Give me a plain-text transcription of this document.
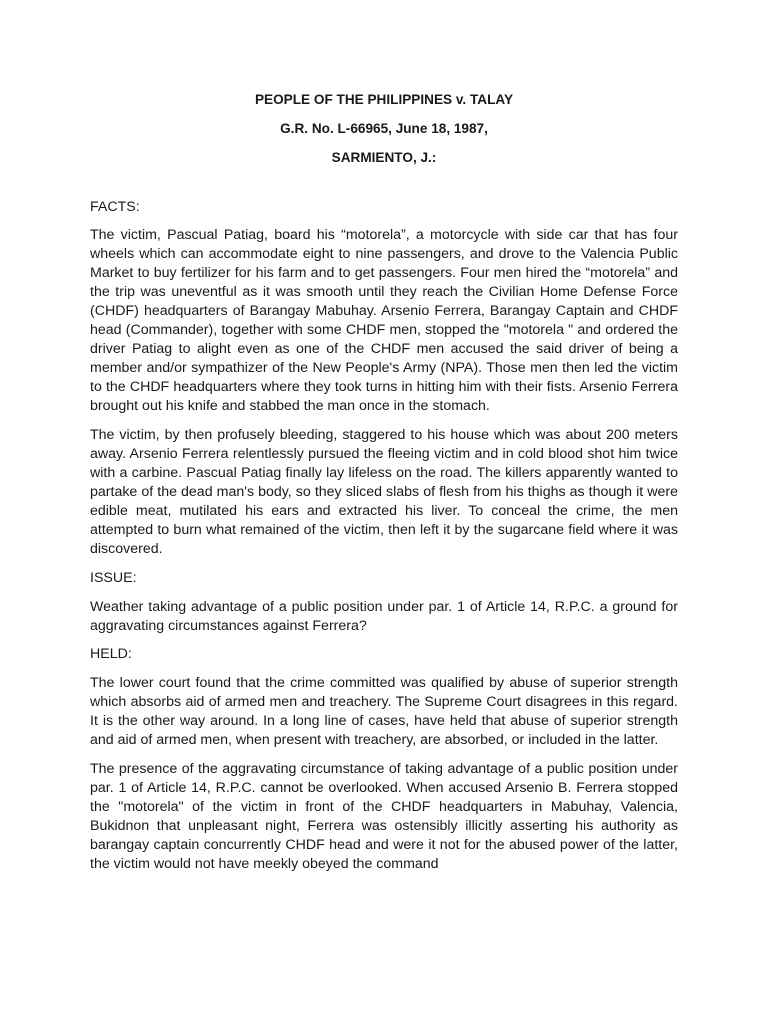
PEOPLE OF THE PHILIPPINES v. TALAY
G.R. No. L-66965, June 18, 1987,
SARMIENTO, J.:

FACTS:

The victim, Pascual Patiag, board his “motorela”, a motorcycle with side car that has four wheels which can accommodate eight to nine passengers, and drove to the Valencia Public Market to buy fertilizer for his farm and to get passengers. Four men hired the “motorela” and the trip was uneventful as it was smooth until they reach the Civilian Home Defense Force (CHDF) headquarters of Barangay Mabuhay. Arsenio Ferrera, Barangay Captain and CHDF head (Commander), together with some CHDF men, stopped the "motorela " and ordered the driver Patiag to alight even as one of the CHDF men accused the said driver of being a member and/or sympathizer of the New People's Army (NPA). Those men then led the victim to the CHDF headquarters where they took turns in hitting him with their fists. Arsenio Ferrera brought out his knife and stabbed the man once in the stomach.

The victim, by then profusely bleeding, staggered to his house which was about 200 meters away. Arsenio Ferrera relentlessly pursued the fleeing victim and in cold blood shot him twice with a carbine. Pascual Patiag finally lay lifeless on the road. The killers apparently wanted to partake of the dead man's body, so they sliced slabs of flesh from his thighs as though it were edible meat, mutilated his ears and extracted his liver. To conceal the crime, the men attempted to burn what remained of the victim, then left it by the sugarcane field where it was discovered.

ISSUE:

Weather taking advantage of a public position under par. 1 of Article 14, R.P.C. a ground for aggravating circumstances against Ferrera?

HELD:

The lower court found that the crime committed was qualified by abuse of superior strength which absorbs aid of armed men and treachery. The Supreme Court disagrees in this regard. It is the other way around. In a long line of cases, have held that abuse of superior strength and aid of armed men, when present with treachery, are absorbed, or included in the latter.

The presence of the aggravating circumstance of taking advantage of a public position under par. 1 of Article 14, R.P.C. cannot be overlooked. When accused Arsenio B. Ferrera stopped the "motorela" of the victim in front of the CHDF headquarters in Mabuhay, Valencia, Bukidnon that unpleasant night, Ferrera was ostensibly illicitly asserting his authority as barangay captain concurrently CHDF head and were it not for the abused power of the latter, the victim would not have meekly obeyed the command
